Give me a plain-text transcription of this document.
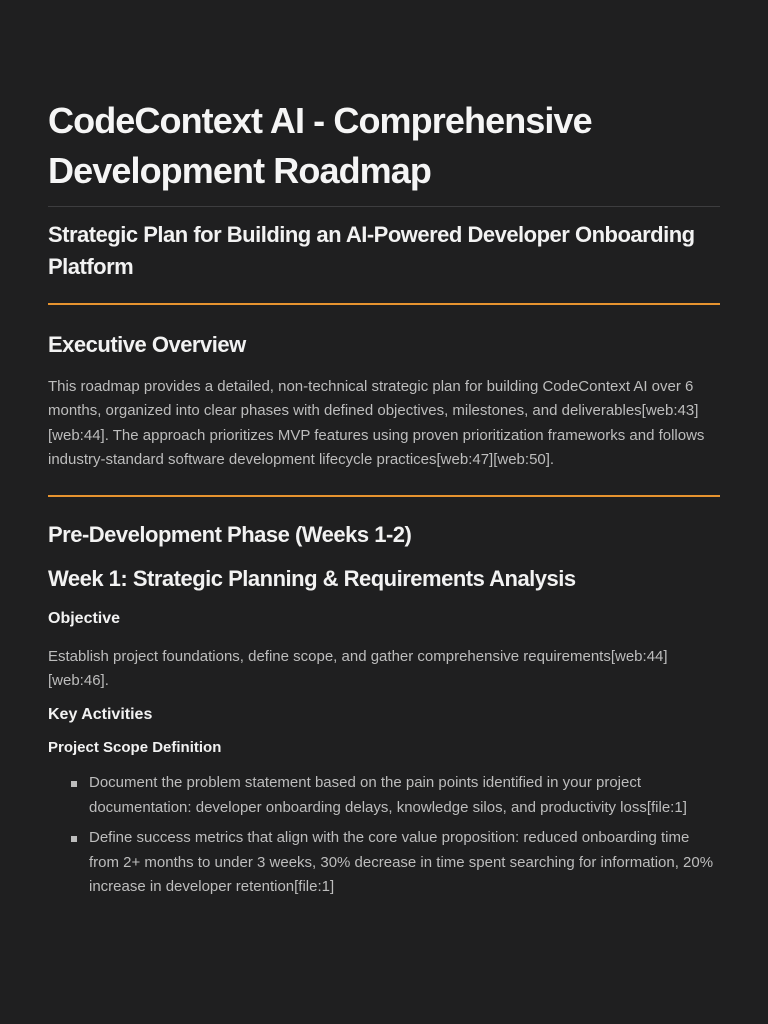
CodeContext AI - Comprehensive Development Roadmap
Strategic Plan for Building an AI-Powered Developer Onboarding Platform
Executive Overview

This roadmap provides a detailed, non-technical strategic plan for building CodeContext AI over 6 months, organized into clear phases with defined objectives, milestones, and deliverables[web:43][web:44]. The approach prioritizes MVP features using proven prioritization frameworks and follows industry-standard software development lifecycle practices[web:47][web:50].

Pre-Development Phase (Weeks 1-2)
Week 1: Strategic Planning & Requirements Analysis
Objective

Establish project foundations, define scope, and gather comprehensive requirements[web:44][web:46].

Key Activities
Project Scope Definition
Document the problem statement based on the pain points identified in your project documentation: developer onboarding delays, knowledge silos, and productivity loss[file:1]
Define success metrics that align with the core value proposition: reduced onboarding time from 2+ months to under 3 weeks, 30% decrease in time spent searching for information, 20% increase in developer retention[file:1]
